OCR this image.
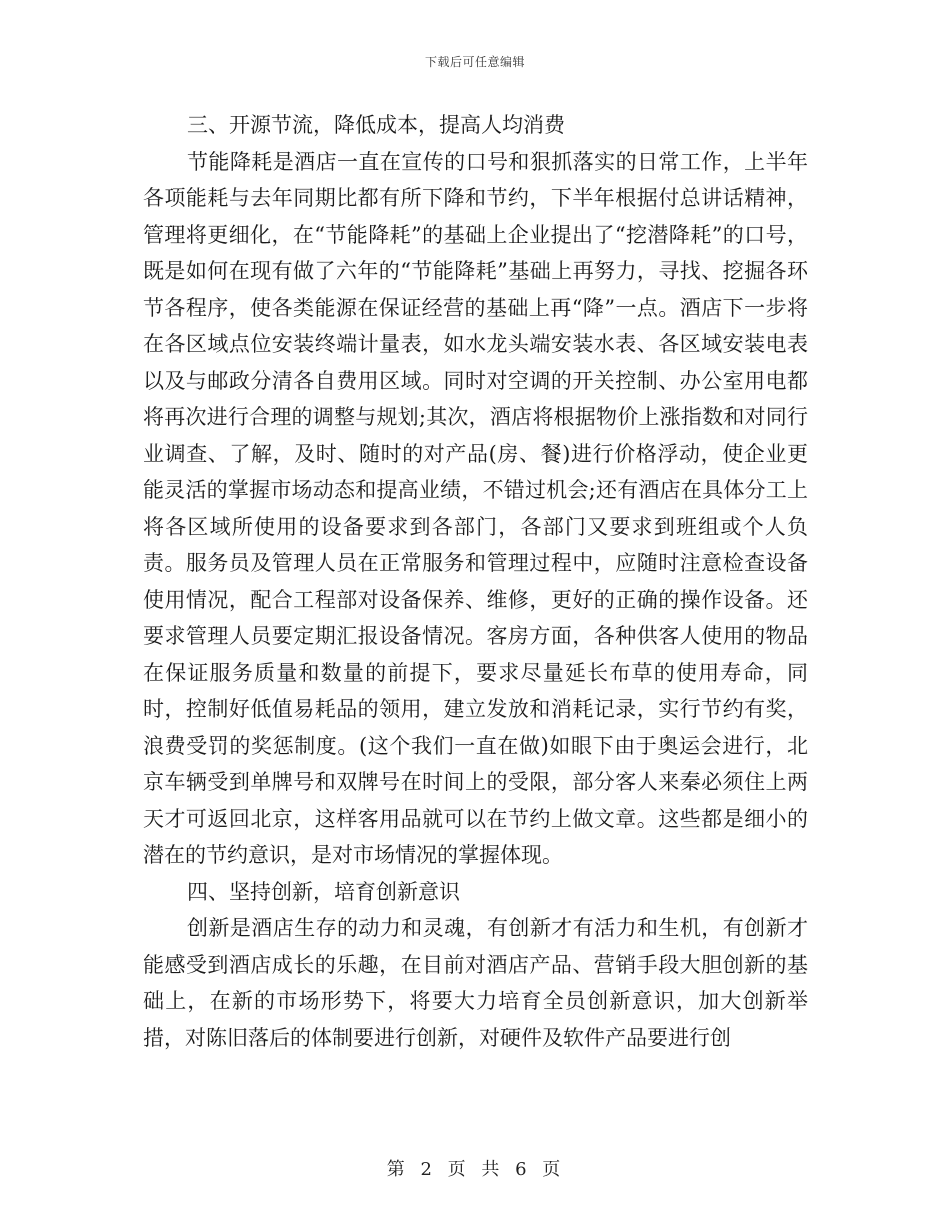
下载后可任意编辑

三、开源节流，降低成本，提高人均消费

节能降耗是酒店一直在宣传的口号和狠抓落实的日常工作，上半年各项能耗与去年同期比都有所下降和节约，下半年根据付总讲话精神，管理将更细化，在“节能降耗”的基础上企业提出了“挖潜降耗”的口号，既是如何在现有做了六年的“节能降耗”基础上再努力，寻找、挖掘各环节各程序，使各类能源在保证经营的基础上再“降”一点。酒店下一步将在各区域点位安装终端计量表，如水龙头端安装水表、各区域安装电表以及与邮政分清各自费用区域。同时对空调的开关控制、办公室用电都将再次进行合理的调整与规划;其次，酒店将根据物价上涨指数和对同行业调查、了解，及时、随时的对产品(房、餐)进行价格浮动，使企业更能灵活的掌握市场动态和提高业绩，不错过机会;还有酒店在具体分工上将各区域所使用的设备要求到各部门，各部门又要求到班组或个人负责。服务员及管理人员在正常服务和管理过程中，应随时注意检查设备使用情况，配合工程部对设备保养、维修，更好的正确的操作设备。还要求管理人员要定期汇报设备情况。客房方面，各种供客人使用的物品在保证服务质量和数量的前提下，要求尽量延长布草的使用寿命，同时，控制好低值易耗品的领用，建立发放和消耗记录，实行节约有奖，浪费受罚的奖惩制度。(这个我们一直在做)如眼下由于奥运会进行，北京车辆受到单牌号和双牌号在时间上的受限，部分客人来秦必须住上两天才可返回北京，这样客用品就可以在节约上做文章。这些都是细小的潜在的节约意识，是对市场情况的掌握体现。

四、坚持创新，培育创新意识

创新是酒店生存的动力和灵魂，有创新才有活力和生机，有创新才能感受到酒店成长的乐趣，在目前对酒店产品、营销手段大胆创新的基础上，在新的市场形势下，将要大力培育全员创新意识，加大创新举措，对陈旧落后的体制要进行创新，对硬件及软件产品要进行创

第 2 页 共 6 页
